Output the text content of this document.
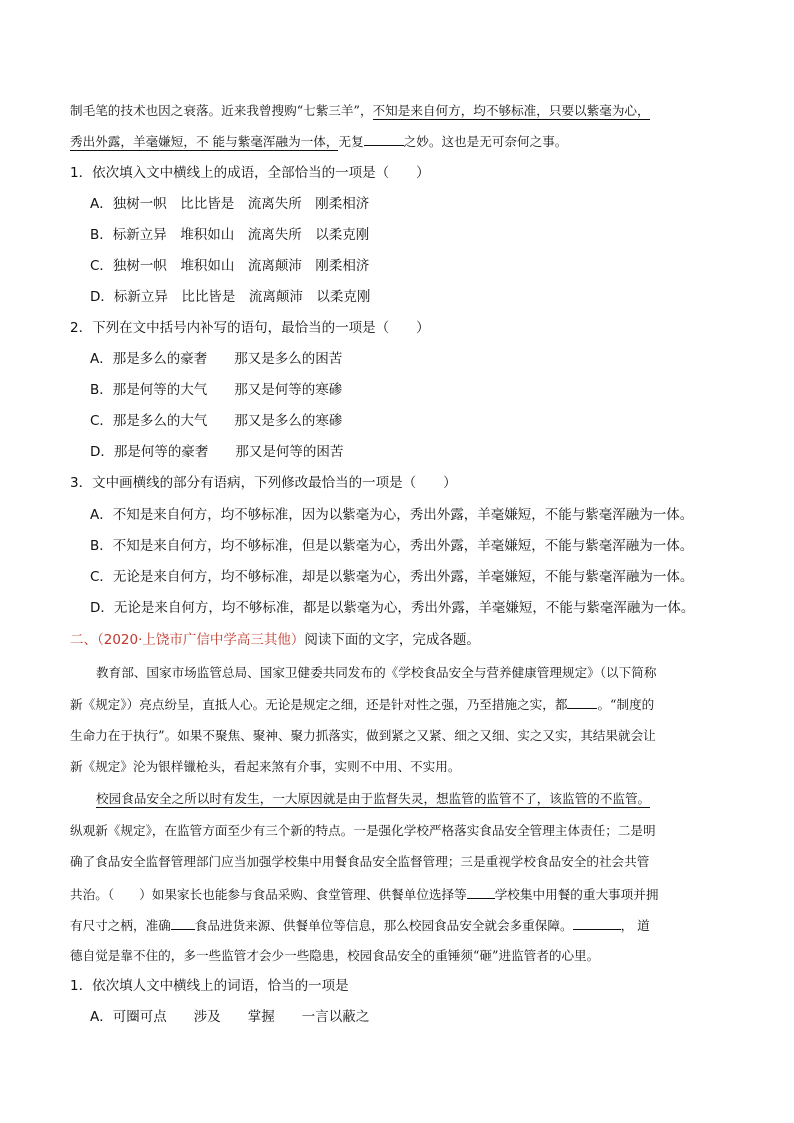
制毛笔的技术也因之衰落。近来我曾搜购“七紫三羊”，不知是来自何方，均不够标准，只要以紫毫为心，
秀出外露，羊毫嫌短，不 能与紫毫浑融为一体，无复	之妙。这也是无可奈何之事。
1．依次填入文中横线上的成语，全部恰当的一项是（　　）
A．独树一帜　比比皆是　流离失所　刚柔相济
B．标新立异　堆积如山　流离失所　以柔克刚
C．独树一帜　堆积如山　流离颠沛　刚柔相济
D．标新立异　比比皆是　流离颠沛　以柔克刚
2．下列在文中括号内补写的语句，最恰当的一项是（　　）
A．那是多么的豪奢　　那又是多么的困苦
B．那是何等的大气　　那又是何等的寒碜
C．那是多么的大气　　那又是多么的寒碜
D．那是何等的豪奢　　那又是何等的困苦
3．文中画横线的部分有语病，下列修改最恰当的一项是（　　）
A．不知是来自何方，均不够标准，因为以紫毫为心，秀出外露，羊毫嫌短，不能与紫毫浑融为一体。
B．不知是来自何方，均不够标准，但是以紫毫为心，秀出外露，羊毫嫌短，不能与紫毫浑融为一体。
C．无论是来自何方，均不够标准，却是以紫毫为心，秀出外露，羊毫嫌短，不能与紫毫浑融为一体。
D．无论是来自何方，均不够标准，都是以紫毫为心，秀出外露，羊毫嫌短，不能与紫毫浑融为一体。
二、（2020·上饶市广信中学高三其他）阅读下面的文字，完成各题。
教育部、国家市场监管总局、国家卫健委共同发布的《学校食品安全与营养健康管理规定》（以下简称
新《规定》）亮点纷呈，直抵人心。无论是规定之细，还是针对性之强，乃至措施之实，都 。“制度的
生命力在于执行”。如果不聚焦、聚神、聚力抓落实，做到紧之又紧、细之又细、实之又实，其结果就会让
新《规定》沦为银样镴枪头，看起来煞有介事，实则不中用、不实用。
校园食品安全之所以时有发生，一大原因就是由于监督失灵，想监管的监管不了，该监管的不监管。
纵观新《规定》，在监管方面至少有三个新的特点。一是强化学校严格落实食品安全管理主体责任；二是明
确了食品安全监督管理部门应当加强学校集中用餐食品安全监督管理；三是重视学校食品安全的社会共管
共治。（　　）如果家长也能参与食品采购、食堂管理、供餐单位选择等 学校集中用餐的重大事项并拥
有尺寸之柄，准确 食品进货来源、供餐单位等信息，那么校园食品安全就会多重保障。	， 道
德自觉是靠不住的，多一些监管才会少一些隐患，校园食品安全的重锤须“砸”进监管者的心里。
1．依次填人文中横线上的词语，恰当的一项是
A．可圈可点　　涉及　　掌握　　一言以蔽之
